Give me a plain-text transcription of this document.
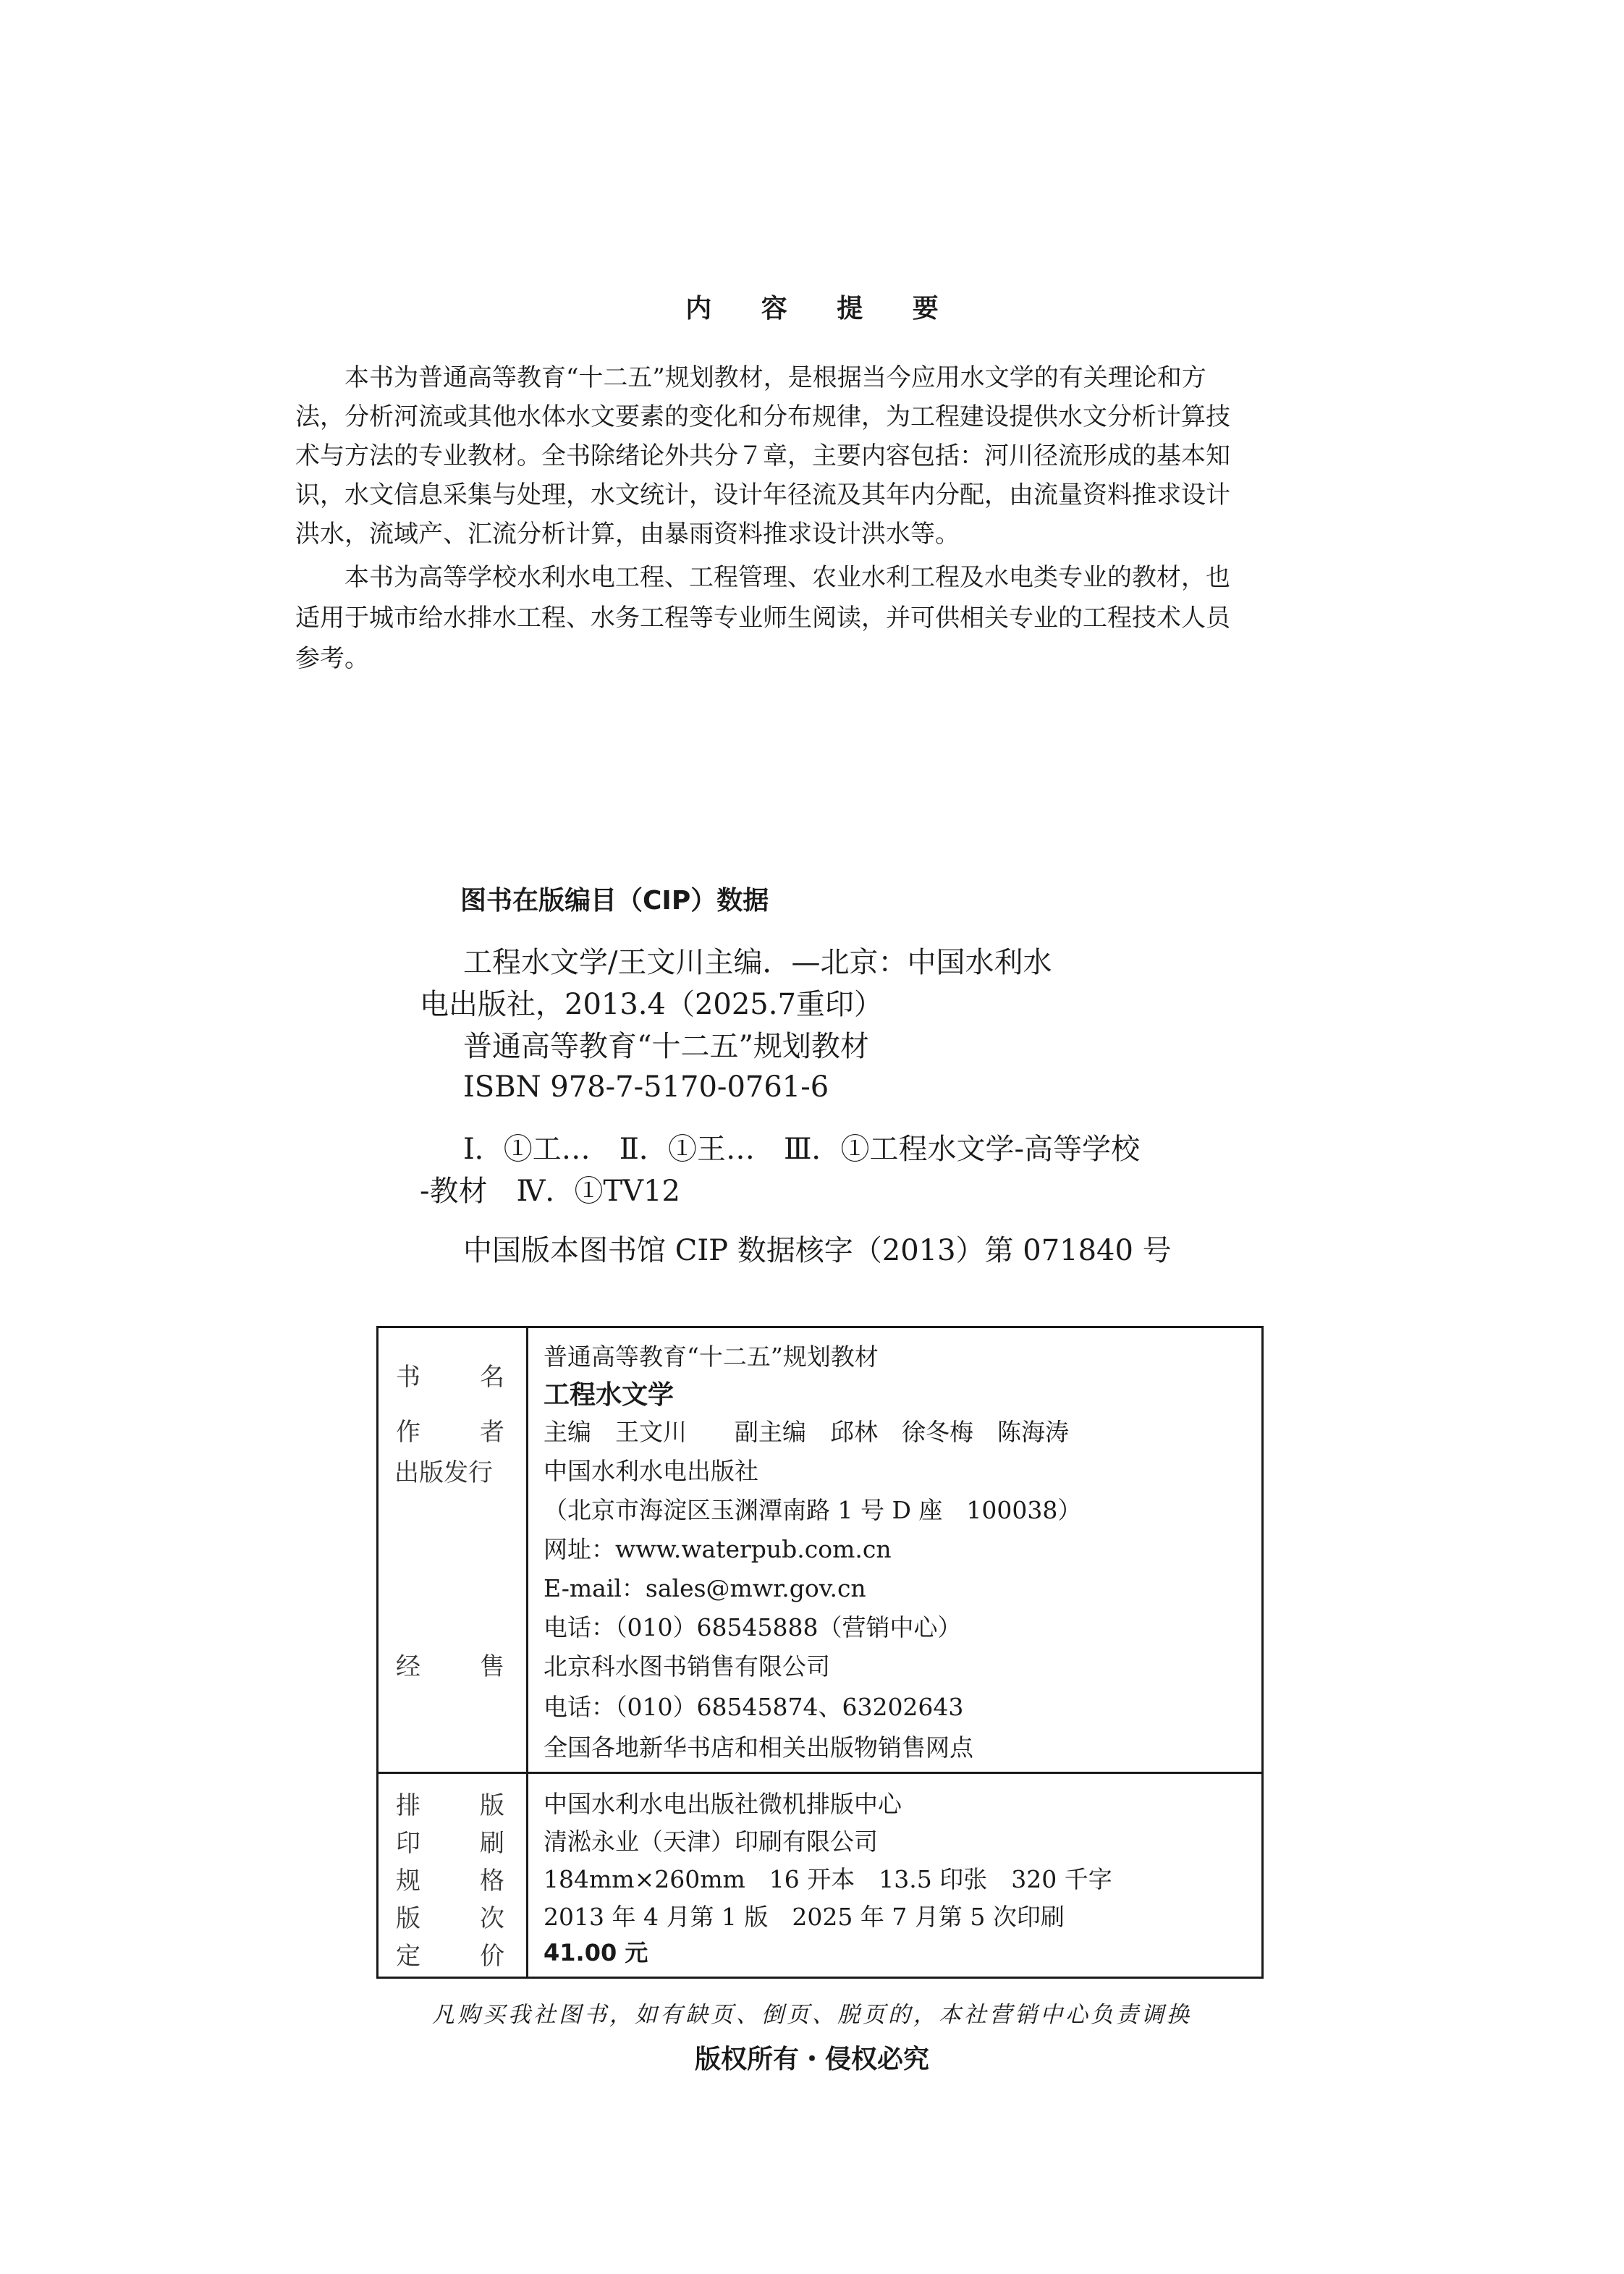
内 容 提 要
　　本书为普通高等教育“十二五”规划教材，是根据当今应用水文学的有关理论和方
法，分析河流或其他水体水文要素的变化和分布规律，为工程建设提供水文分析计算技
术与方法的专业教材。全书除绪论外共分７章，主要内容包括：河川径流形成的基本知
识，水文信息采集与处理，水文统计，设计年径流及其年内分配，由流量资料推求设计
洪水，流域产、汇流分析计算，由暴雨资料推求设计洪水等。
　　本书为高等学校水利水电工程、工程管理、农业水利工程及水电类专业的教材，也
适用于城市给水排水工程、水务工程等专业师生阅读，并可供相关专业的工程技术人员
参考。
图书在版编目（CIP）数据
　工程水文学/王文川主编．—北京：中国水利水
电出版社，2013.4（2025.7重印）
　普通高等教育“十二五”规划教材
　ISBN 978-7-5170-0761-6
　Ⅰ．①工…　Ⅱ．①王…　Ⅲ．①工程水文学-高等学校
-教材　Ⅳ．①TV12
　中国版本图书馆 CIP 数据核字（2013）第 071840 号
书 名
普通高等教育“十二五”规划教材
工程水文学
作 者 主编　王文川　　副主编　邱林　徐冬梅　陈海涛
出版发行 中国水利水电出版社
（北京市海淀区玉渊潭南路 1 号 D 座　100038）
网址：www.waterpub.com.cn
E-mail：sales@mwr.gov.cn
电话：（010）68545888（营销中心）
经 售 北京科水图书销售有限公司
电话：（010）68545874、63202643
全国各地新华书店和相关出版物销售网点
排 版 中国水利水电出版社微机排版中心
印 刷 清淞永业（天津）印刷有限公司
规 格 184mm×260mm　16 开本　13.5 印张　320 千字
版 次 2013 年 4 月第 1 版　2025 年 7 月第 5 次印刷
定 价 41.00 元
凡购买我社图书，如有缺页、倒页、脱页的，本社营销中心负责调换
版权所有・侵权必究
